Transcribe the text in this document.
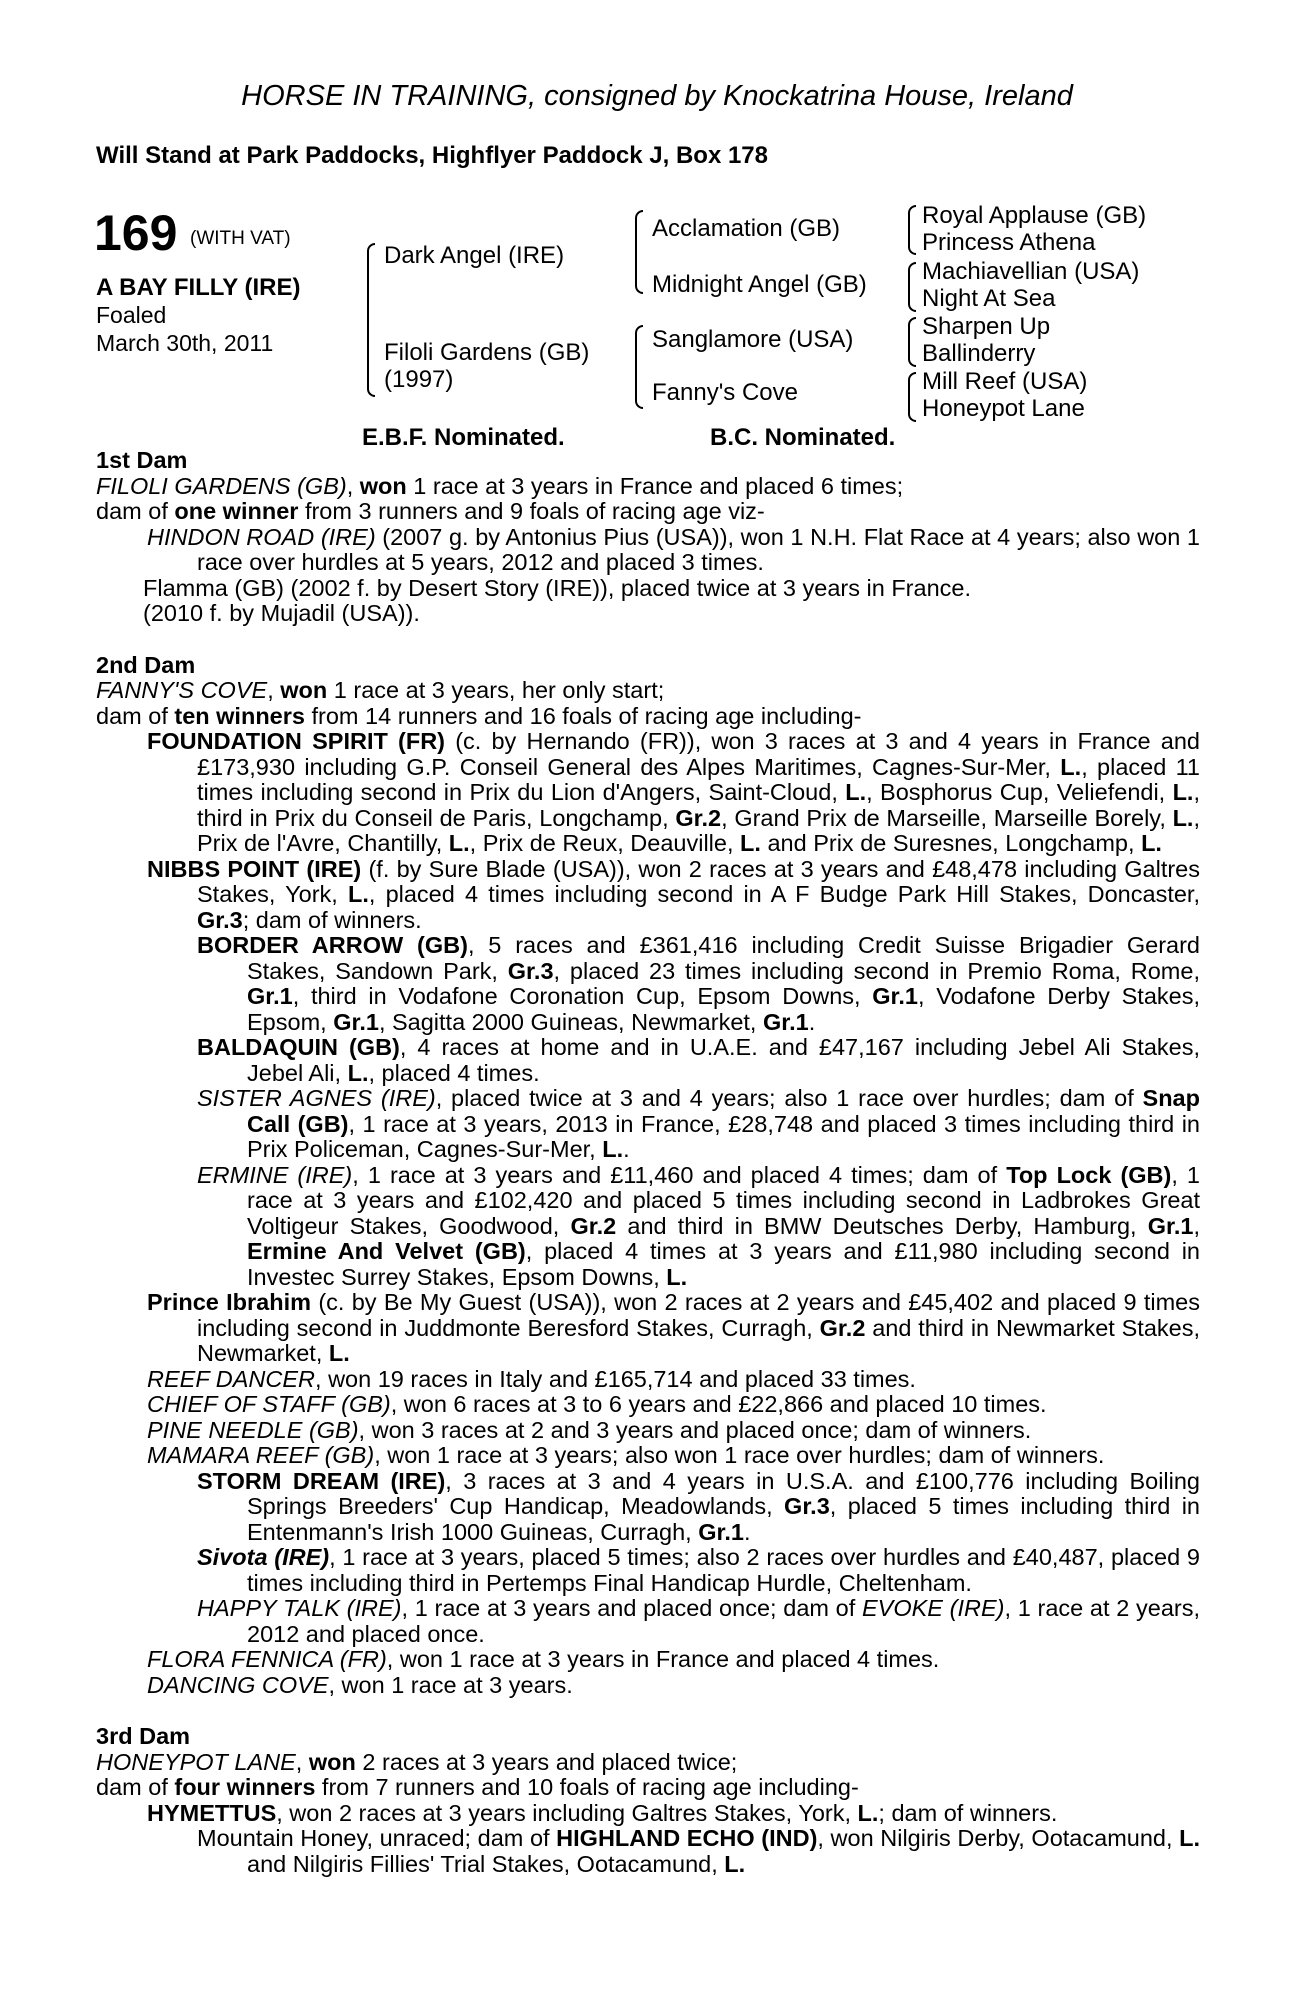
HORSE IN TRAINING, consigned by Knockatrina House, Ireland
Will Stand at Park Paddocks, Highflyer Paddock J, Box 178
169 (WITH VAT)
A BAY FILLY (IRE)
Foaled
March 30th, 2011
Dark Angel (IRE)
Filoli Gardens (GB)
(1997)
Acclamation (GB)
Midnight Angel (GB)
Sanglamore (USA)
Fanny's Cove
Royal Applause (GB)
Princess Athena
Machiavellian (USA)
Night At Sea
Sharpen Up
Ballinderry
Mill Reef (USA)
Honeypot Lane
E.B.F. Nominated.	B.C. Nominated.

1st Dam

FILOLI GARDENS (GB), won 1 race at 3 years in France and placed 6 times;

dam of one winner from 3 runners and 9 foals of racing age viz-

HINDON ROAD (IRE) (2007 g. by Antonius Pius (USA)), won 1 N.H. Flat Race at 4 years; also won 1 race over hurdles at 5 years, 2012 and placed 3 times.

Flamma (GB) (2002 f. by Desert Story (IRE)), placed twice at 3 years in France.

(2010 f. by Mujadil (USA)).

2nd Dam

FANNY'S COVE, won 1 race at 3 years, her only start;

dam of ten winners from 14 runners and 16 foals of racing age including-

FOUNDATION SPIRIT (FR) (c. by Hernando (FR)), won 3 races at 3 and 4 years in France and £173,930 including G.P. Conseil General des Alpes Maritimes, Cagnes-Sur-Mer, L., placed 11 times including second in Prix du Lion d'Angers, Saint-Cloud, L., Bosphorus Cup, Veliefendi, L., third in Prix du Conseil de Paris, Longchamp, Gr.2, Grand Prix de Marseille, Marseille Borely, L., Prix de l'Avre, Chantilly, L., Prix de Reux, Deauville, L. and Prix de Suresnes, Longchamp, L.

NIBBS POINT (IRE) (f. by Sure Blade (USA)), won 2 races at 3 years and £48,478 including Galtres Stakes, York, L., placed 4 times including second in A F Budge Park Hill Stakes, Doncaster, Gr.3; dam of winners.

BORDER ARROW (GB), 5 races and £361,416 including Credit Suisse Brigadier Gerard Stakes, Sandown Park, Gr.3, placed 23 times including second in Premio Roma, Rome, Gr.1, third in Vodafone Coronation Cup, Epsom Downs, Gr.1, Vodafone Derby Stakes, Epsom, Gr.1, Sagitta 2000 Guineas, Newmarket, Gr.1.

BALDAQUIN (GB), 4 races at home and in U.A.E. and £47,167 including Jebel Ali Stakes, Jebel Ali, L., placed 4 times.

SISTER AGNES (IRE), placed twice at 3 and 4 years; also 1 race over hurdles; dam of Snap Call (GB), 1 race at 3 years, 2013 in France, £28,748 and placed 3 times including third in Prix Policeman, Cagnes-Sur-Mer, L..

ERMINE (IRE), 1 race at 3 years and £11,460 and placed 4 times; dam of Top Lock (GB), 1 race at 3 years and £102,420 and placed 5 times including second in Ladbrokes Great Voltigeur Stakes, Goodwood, Gr.2 and third in BMW Deutsches Derby, Hamburg, Gr.1, Ermine And Velvet (GB), placed 4 times at 3 years and £11,980 including second in Investec Surrey Stakes, Epsom Downs, L.

Prince Ibrahim (c. by Be My Guest (USA)), won 2 races at 2 years and £45,402 and placed 9 times including second in Juddmonte Beresford Stakes, Curragh, Gr.2 and third in Newmarket Stakes, Newmarket, L.

REEF DANCER, won 19 races in Italy and £165,714 and placed 33 times.

CHIEF OF STAFF (GB), won 6 races at 3 to 6 years and £22,866 and placed 10 times.

PINE NEEDLE (GB), won 3 races at 2 and 3 years and placed once; dam of winners.

MAMARA REEF (GB), won 1 race at 3 years; also won 1 race over hurdles; dam of winners.

STORM DREAM (IRE), 3 races at 3 and 4 years in U.S.A. and £100,776 including Boiling Springs Breeders' Cup Handicap, Meadowlands, Gr.3, placed 5 times including third in Entenmann's Irish 1000 Guineas, Curragh, Gr.1.

Sivota (IRE), 1 race at 3 years, placed 5 times; also 2 races over hurdles and £40,487, placed 9 times including third in Pertemps Final Handicap Hurdle, Cheltenham.

HAPPY TALK (IRE), 1 race at 3 years and placed once; dam of EVOKE (IRE), 1 race at 2 years, 2012 and placed once.

FLORA FENNICA (FR), won 1 race at 3 years in France and placed 4 times.

DANCING COVE, won 1 race at 3 years.

3rd Dam

HONEYPOT LANE, won 2 races at 3 years and placed twice;

dam of four winners from 7 runners and 10 foals of racing age including-

HYMETTUS, won 2 races at 3 years including Galtres Stakes, York, L.; dam of winners.

Mountain Honey, unraced; dam of HIGHLAND ECHO (IND), won Nilgiris Derby, Ootacamund, L. and Nilgiris Fillies' Trial Stakes, Ootacamund, L.
